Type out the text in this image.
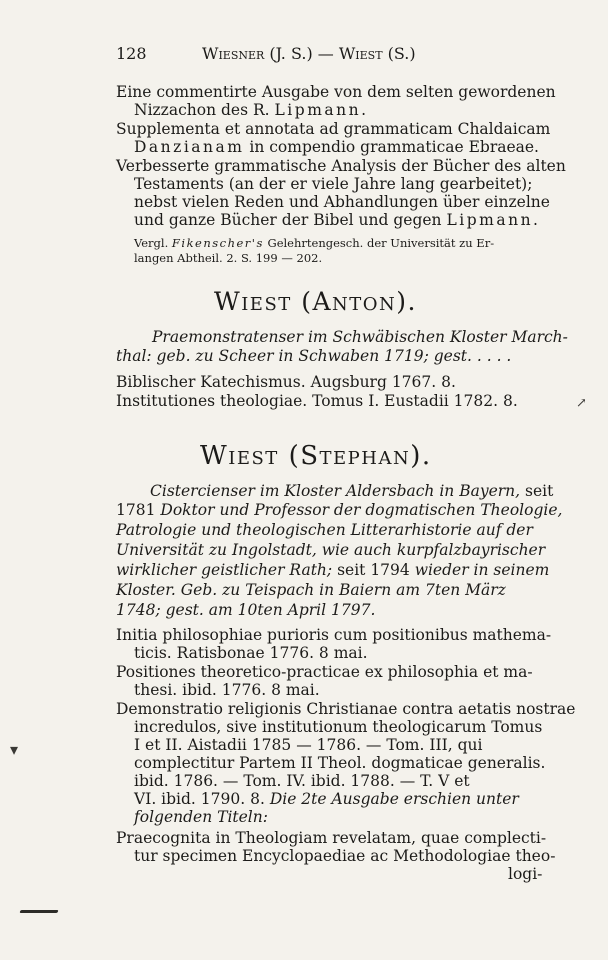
128	Wiesner (J. S.) — Wiest (S.)
Eine commentirte Ausgabe von dem selten gewordenen
Nizzachon des R. Lipmann.
Supplementa et annotata ad grammaticam Chaldaicam
Danzianam in compendio grammaticae Ebraeae.
Verbesserte grammatische Analysis der Bücher des alten
Testaments (an der er viele Jahre lang gearbeitet);
nebst vielen Reden und Abhandlungen über einzelne
und ganze Bücher der Bibel und gegen Lipmann.
Vergl. Fikenscher's Gelehrtengesch. der Universität zu Er-
langen Abtheil. 2. S. 199 — 202.
Wiest (Anton).
Praemonstratenser im Schwäbischen Kloster March-
thal: geb. zu Scheer in Schwaben 1719; gest. . . . .
Biblischer Katechismus. Augsburg 1767. 8.
Institutiones theologiae. Tomus I. Eustadii 1782. 8.
Wiest (Stephan).
Cistercienser im Kloster Aldersbach in Bayern, seit
1781 Doktor und Professor der dogmatischen Theologie,
Patrologie und theologischen Litterarhistorie auf der
Universität zu Ingolstadt, wie auch kurpfalzbayrischer
wirklicher geistlicher Rath; seit 1794 wieder in seinem
Kloster. Geb. zu Teispach in Baiern am 7ten März
1748; gest. am 10ten April 1797.
Initia philosophiae purioris cum positionibus mathema-
ticis. Ratisbonae 1776. 8 mai.
Positiones theoretico-practicae ex philosophia et ma-
thesi. ibid. 1776. 8 mai.
Demonstratio religionis Christianae contra aetatis nostrae
incredulos, sive institutionum theologicarum Tomus
I et II. Aistadii 1785 — 1786. — Tom. III, qui
complectitur Partem II Theol. dogmaticae generalis.
ibid. 1786. — Tom. IV. ibid. 1788. — T. V et
VI. ibid. 1790. 8. Die 2te Ausgabe erschien unter
folgenden Titeln:
Praecognita in Theologiam revelatam, quae complecti-
tur specimen Encyclopaediae ac Methodologiae theo-
logi-
↗
▾
